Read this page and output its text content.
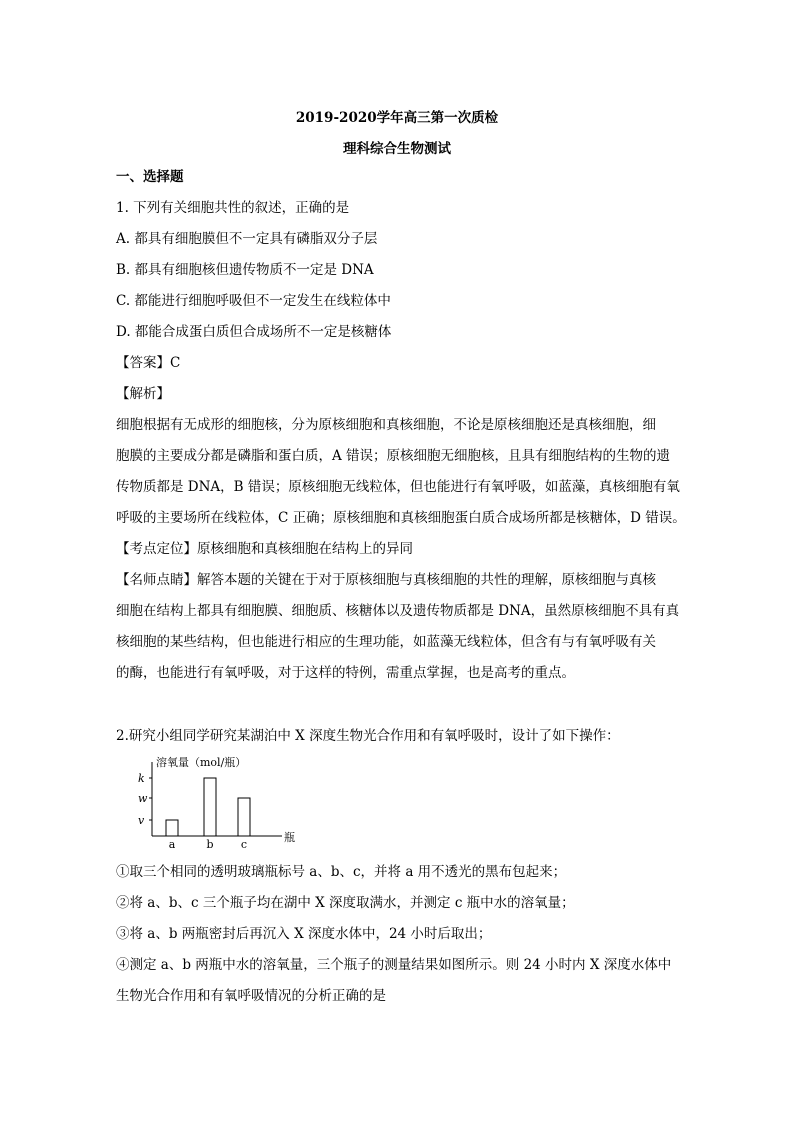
2019-2020学年高三第一次质检
理科综合生物测试
一、选择题
1. 下列有关细胞共性的叙述，正确的是
A. 都具有细胞膜但不一定具有磷脂双分子层
B. 都具有细胞核但遗传物质不一定是 DNA
C. 都能进行细胞呼吸但不一定发生在线粒体中
D. 都能合成蛋白质但合成场所不一定是核糖体
【答案】C
【解析】
细胞根据有无成形的细胞核，分为原核细胞和真核细胞，不论是原核细胞还是真核细胞，细
胞膜的主要成分都是磷脂和蛋白质，A 错误；原核细胞无细胞核，且具有细胞结构的生物的遗
传物质都是 DNA，B 错误；原核细胞无线粒体，但也能进行有氧呼吸，如蓝藻，真核细胞有氧
呼吸的主要场所在线粒体，C 正确；原核细胞和真核细胞蛋白质合成场所都是核糖体，D 错误。
【考点定位】原核细胞和真核细胞在结构上的异同
【名师点睛】解答本题的关键在于对于原核细胞与真核细胞的共性的理解，原核细胞与真核
细胞在结构上都具有细胞膜、细胞质、核糖体以及遗传物质都是 DNA，虽然原核细胞不具有真
核细胞的某些结构，但也能进行相应的生理功能，如蓝藻无线粒体，但含有与有氧呼吸有关
的酶，也能进行有氧呼吸，对于这样的特例，需重点掌握，也是高考的重点。
2.研究小组同学研究某湖泊中 X 深度生物光合作用和有氧呼吸时，设计了如下操作：
溶氧量（mol/瓶）
瓶
v
w
k
a	b c
①取三个相同的透明玻璃瓶标号 a、b、c，并将 a 用不透光的黑布包起来；
②将 a、b、c 三个瓶子均在湖中 X 深度取满水，并测定 c 瓶中水的溶氧量；
③将 a、b 两瓶密封后再沉入 X 深度水体中，24 小时后取出；
④测定 a、b 两瓶中水的溶氧量，三个瓶子的测量结果如图所示。则 24 小时内 X 深度水体中
生物光合作用和有氧呼吸情况的分析正确的是
